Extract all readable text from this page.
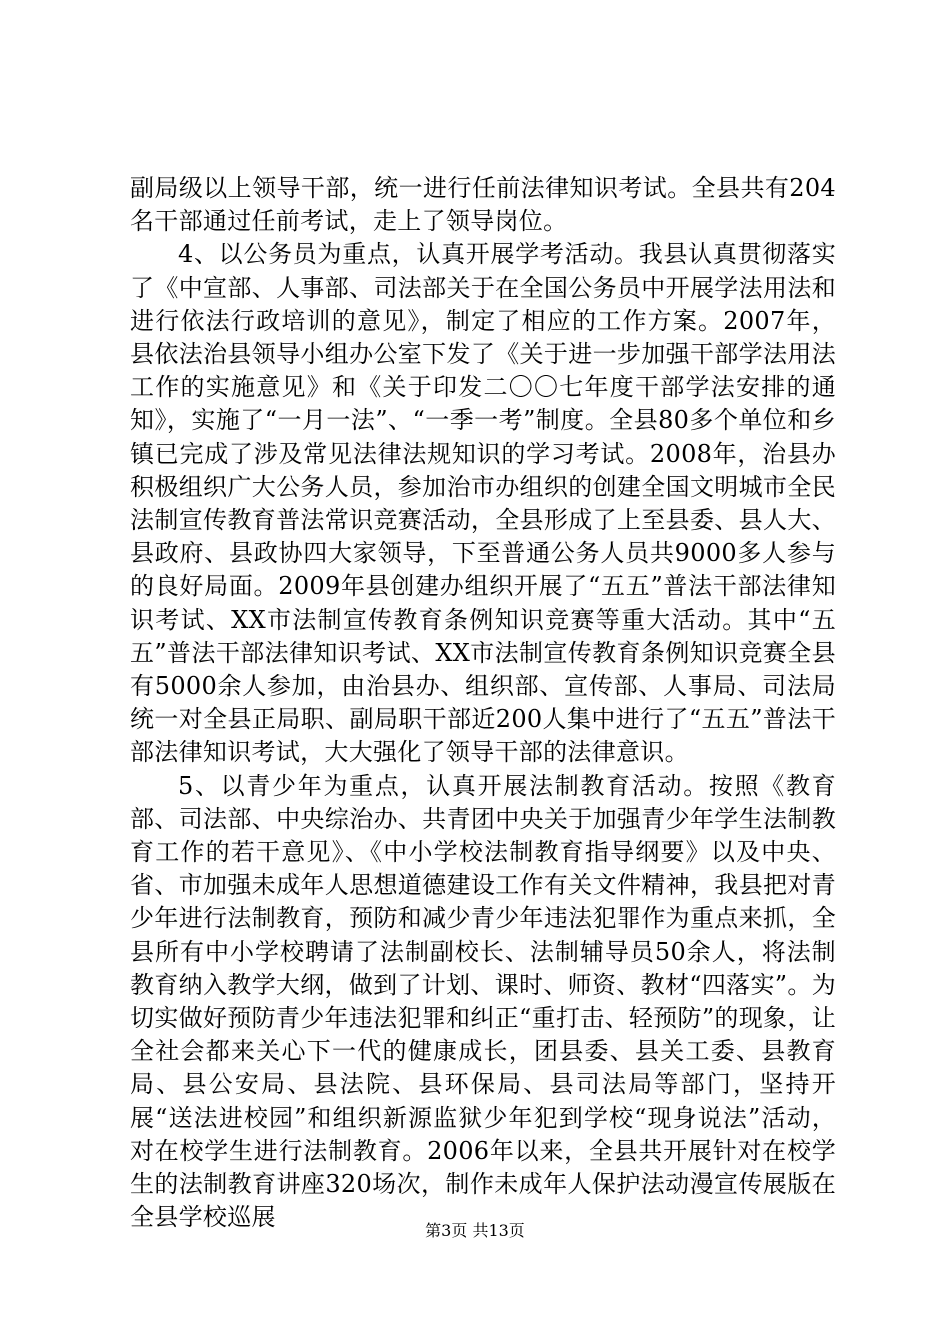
副局级以上领导干部，统一进行任前法律知识考试。全县共有204名干部通过任前考试，走上了领导岗位。

4、以公务员为重点，认真开展学考活动。我县认真贯彻落实了《中宣部、人事部、司法部关于在全国公务员中开展学法用法和进行依法行政培训的意见》，制定了相应的工作方案。2007年，县依法治县领导小组办公室下发了《关于进一步加强干部学法用法工作的实施意见》和《关于印发二〇〇七年度干部学法安排的通知》，实施了“一月一法”、“一季一考”制度。全县80多个单位和乡镇已完成了涉及常见法律法规知识的学习考试。2008年，治县办积极组织广大公务人员，参加治市办组织的创建全国文明城市全民法制宣传教育普法常识竞赛活动，全县形成了上至县委、县人大、县政府、县政协四大家领导，下至普通公务人员共9000多人参与的良好局面。2009年县创建办组织开展了“五五”普法干部法律知识考试、XX市法制宣传教育条例知识竞赛等重大活动。其中“五五”普法干部法律知识考试、XX市法制宣传教育条例知识竞赛全县有5000余人参加，由治县办、组织部、宣传部、人事局、司法局统一对全县正局职、副局职干部近200人集中进行了“五五”普法干部法律知识考试，大大强化了领导干部的法律意识。

5、以青少年为重点，认真开展法制教育活动。按照《教育部、司法部、中央综治办、共青团中央关于加强青少年学生法制教育工作的若干意见》、《中小学校法制教育指导纲要》以及中央、省、市加强未成年人思想道德建设工作有关文件精神，我县把对青少年进行法制教育，预防和减少青少年违法犯罪作为重点来抓，全县所有中小学校聘请了法制副校长、法制辅导员50余人，将法制教育纳入教学大纲，做到了计划、课时、师资、教材“四落实”。为切实做好预防青少年违法犯罪和纠正“重打击、轻预防”的现象，让全社会都来关心下一代的健康成长，团县委、县关工委、县教育局、县公安局、县法院、县环保局、县司法局等部门，坚持开展“送法进校园”和组织新源监狱少年犯到学校“现身说法”活动，对在校学生进行法制教育。2006年以来，全县共开展针对在校学生的法制教育讲座320场次，制作未成年人保护法动漫宣传展版在全县学校巡展	第3页 共13页
